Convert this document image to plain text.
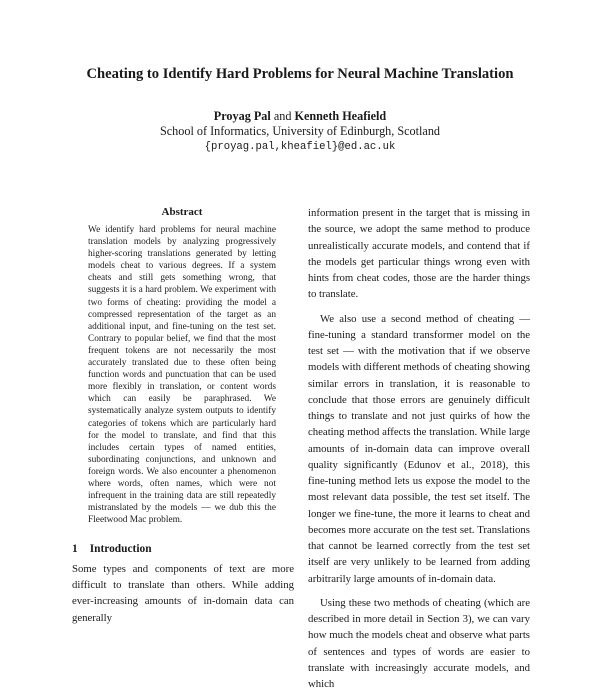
Cheating to Identify Hard Problems for Neural Machine Translation
Proyag Pal and Kenneth Heafield
School of Informatics, University of Edinburgh, Scotland
{proyag.pal,kheafiel}@ed.ac.uk
Abstract
We identify hard problems for neural machine translation models by analyzing progressively higher-scoring translations generated by letting models cheat to various degrees. If a system cheats and still gets something wrong, that suggests it is a hard problem. We experiment with two forms of cheating: providing the model a compressed representation of the target as an additional input, and fine-tuning on the test set. Contrary to popular belief, we find that the most frequent tokens are not necessarily the most accurately translated due to these often being function words and punctuation that can be used more flexibly in translation, or content words which can easily be paraphrased. We systematically analyze system outputs to identify categories of tokens which are particularly hard for the model to translate, and find that this includes certain types of named entities, subordinating conjunctions, and unknown and foreign words. We also encounter a phenomenon where words, often names, which were not infrequent in the training data are still repeatedly mistranslated by the models — we dub this the Fleetwood Mac problem.
1 Introduction
Some types and components of text are more difficult to translate than others. While adding ever-increasing amounts of in-domain data can generally

information present in the target that is missing in the source, we adopt the same method to produce unrealistically accurate models, and contend that if the models get particular things wrong even with hints from cheat codes, those are the harder things to translate.

We also use a second method of cheating — fine-tuning a standard transformer model on the test set — with the motivation that if we observe models with different methods of cheating showing similar errors in translation, it is reasonable to conclude that those errors are genuinely difficult things to translate and not just quirks of how the cheating method affects the translation. While large amounts of in-domain data can improve overall quality significantly (Edunov et al., 2018), this fine-tuning method lets us expose the model to the most relevant data possible, the test set itself. The longer we fine-tune, the more it learns to cheat and becomes more accurate on the test set. Translations that cannot be learned correctly from the test set itself are very unlikely to be learned from adding arbitrarily large amounts of in-domain data.

Using these two methods of cheating (which are described in more detail in Section 3), we can vary how much the models cheat and observe what parts of sentences and types of words are easier to translate with increasingly accurate models, and which
